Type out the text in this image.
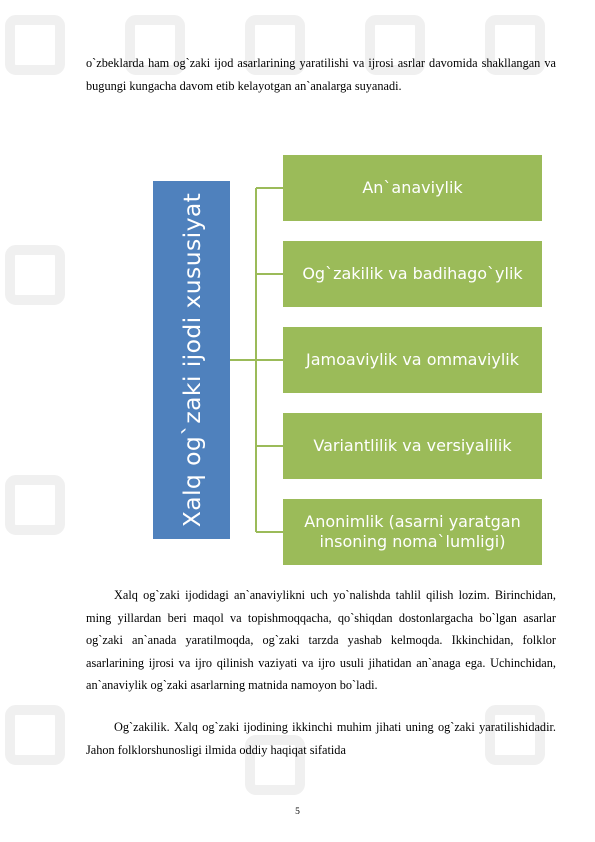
o`zbeklarda ham og`zaki ijod asarlarining yaratilishi va ijrosi asrlar davomida shakllangan va bugungi kungacha davom etib kelayotgan an`analarga suyanadi.

Xalq og`zaki ijodi xususiyat
An`anaviylik
Og`zakilik va badihago`ylik
Jamoaviylik va ommaviylik
Variantlilik va versiyalilik
Anonimlik (asarni yaratgan insoning noma`lumligi)

Xalq og`zaki ijodidagi an`anaviylikni uch yo`nalishda tahlil qilish lozim. Birinchidan, ming yillardan beri maqol va topishmoqqacha, qo`shiqdan dostonlargacha bo`lgan asarlar og`zaki an`anada yaratilmoqda, og`zaki tarzda yashab kelmoqda. Ikkinchidan, folklor asarlarining ijrosi va ijro qilinish vaziyati va ijro usuli jihatidan an`anaga ega. Uchinchidan, an`anaviylik og`zaki asarlarning matnida namoyon bo`ladi.

Og`zakilik. Xalq og`zaki ijodining ikkinchi muhim jihati uning og`zaki yaratilishidadir. Jahon folklorshunosligi ilmida oddiy haqiqat sifatida

5
